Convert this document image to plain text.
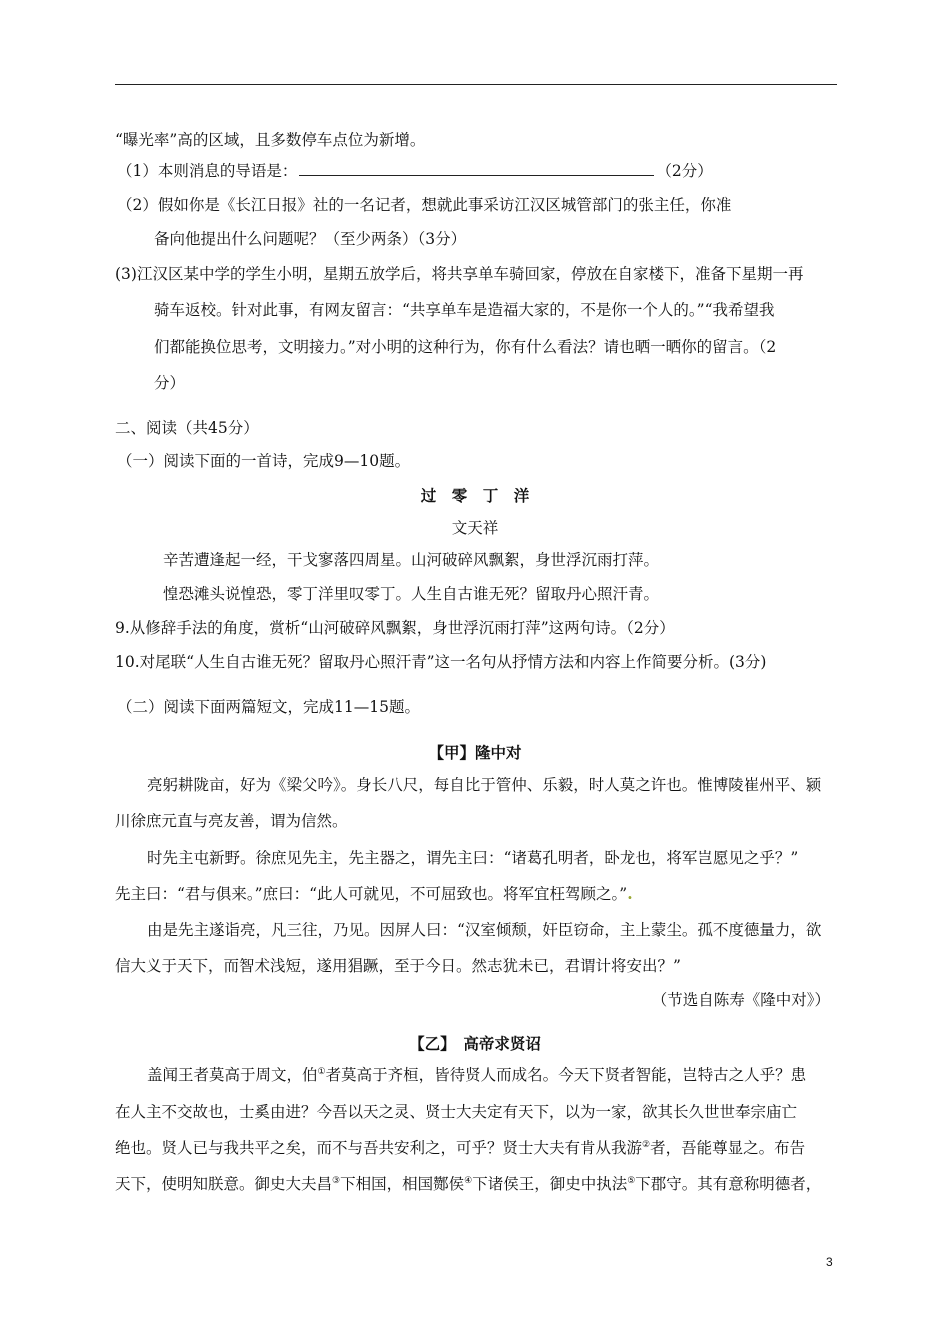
“曝光率”高的区域，且多数停车点位为新增。
（1）本则消息的导语是：	（2分）
（2）假如你是《长江日报》社的一名记者，想就此事采访江汉区城管部门的张主任，你准
备向他提出什么问题呢？（至少两条）（3分）
(3)江汉区某中学的学生小明，星期五放学后，将共享单车骑回家，停放在自家楼下，准备下星期一再
骑车返校。针对此事，有网友留言：“共享单车是造福大家的，不是你一个人的。”“我希望我
们都能换位思考，文明接力。”对小明的这种行为，你有什么看法？请也晒一晒你的留言。（2
分）
二、阅读（共45分）
（一）阅读下面的一首诗，完成9—10题。
过　零　丁　洋
文天祥
辛苦遭逢起一经，干戈寥落四周星。山河破碎风飘絮，身世浮沉雨打萍。
惶恐滩头说惶恐，零丁洋里叹零丁。人生自古谁无死？留取丹心照汗青。
9.从修辞手法的角度，赏析“山河破碎风飘絮，身世浮沉雨打萍”这两句诗。（2分）
10.对尾联“人生自古谁无死？留取丹心照汗青”这一名句从抒情方法和内容上作简要分析。(3分)
（二）阅读下面两篇短文，完成11—15题。
【甲】隆中对
亮躬耕陇亩，好为《梁父吟》。身长八尺，每自比于管仲、乐毅，时人莫之许也。惟博陵崔州平、颍
川徐庶元直与亮友善，谓为信然。
时先主屯新野。徐庶见先主，先主器之，谓先主曰：“诸葛孔明者，卧龙也，将军岂愿见之乎？”
先主曰：“君与俱来。”庶曰：“此人可就见，不可屈致也。将军宜枉驾顾之。”.
由是先主遂诣亮，凡三往，乃见。因屏人曰：“汉室倾颓，奸臣窃命，主上蒙尘。孤不度德量力，欲
信大义于天下，而智术浅短，遂用猖蹶，至于今日。然志犹未已，君谓计将安出？”
（节选自陈寿《隆中对》）
【乙】　高帝求贤诏
盖闻王者莫高于周文，伯①者莫高于齐桓，皆待贤人而成名。今天下贤者智能，岂特古之人乎？患
在人主不交故也，士奚由进？今吾以天之灵、贤士大夫定有天下，以为一家，欲其长久世世奉宗庙亡
绝也。贤人已与我共平之矣，而不与吾共安利之，可乎？贤士大夫有肯从我游②者，吾能尊显之。布告
天下，使明知朕意。御史大夫昌③下相国，相国酂侯④下诸侯王，御史中执法⑤下郡守。其有意称明德者，
3
